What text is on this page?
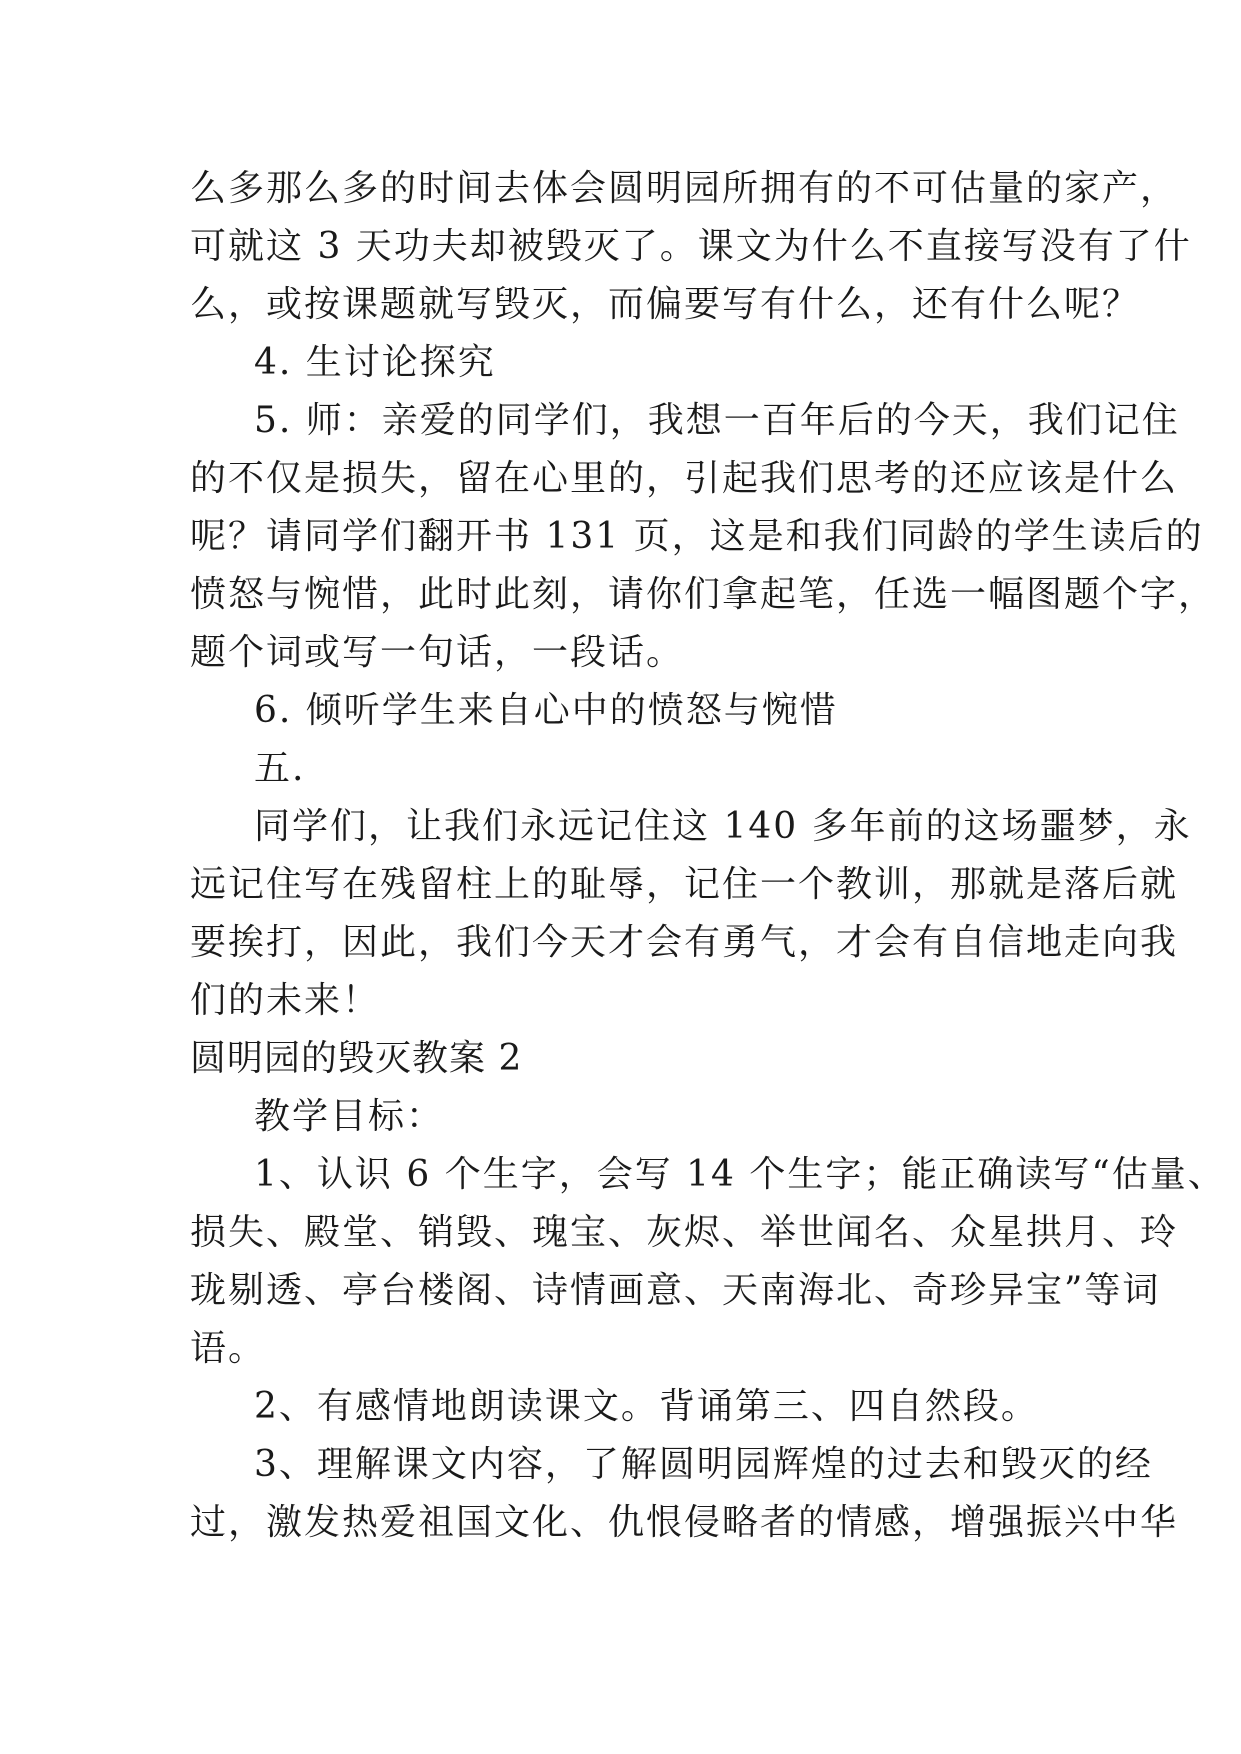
么多那么多的时间去体会圆明园所拥有的不可估量的家产，
可就这 3 天功夫却被毁灭了。课文为什么不直接写没有了什
么，或按课题就写毁灭，而偏要写有什么，还有什么呢？
4. 生讨论探究
5. 师：亲爱的同学们，我想一百年后的今天，我们记住
的不仅是损失，留在心里的，引起我们思考的还应该是什么
呢？请同学们翻开书 131 页，这是和我们同龄的学生读后的
愤怒与惋惜，此时此刻，请你们拿起笔，任选一幅图题个字，
题个词或写一句话，一段话。
6. 倾听学生来自心中的愤怒与惋惜
五.
同学们，让我们永远记住这 140 多年前的这场噩梦，永
远记住写在残留柱上的耻辱，记住一个教训，那就是落后就
要挨打，因此，我们今天才会有勇气，才会有自信地走向我
们的未来！
圆明园的毁灭教案 2
教学目标：
1、认识 6 个生字，会写 14 个生字；能正确读写“估量、
损失、殿堂、销毁、瑰宝、灰烬、举世闻名、众星拱月、玲
珑剔透、亭台楼阁、诗情画意、天南海北、奇珍异宝”等词
语。
2、有感情地朗读课文。背诵第三、四自然段。
3、理解课文内容，了解圆明园辉煌的过去和毁灭的经
过，激发热爱祖国文化、仇恨侵略者的情感，增强振兴中华
